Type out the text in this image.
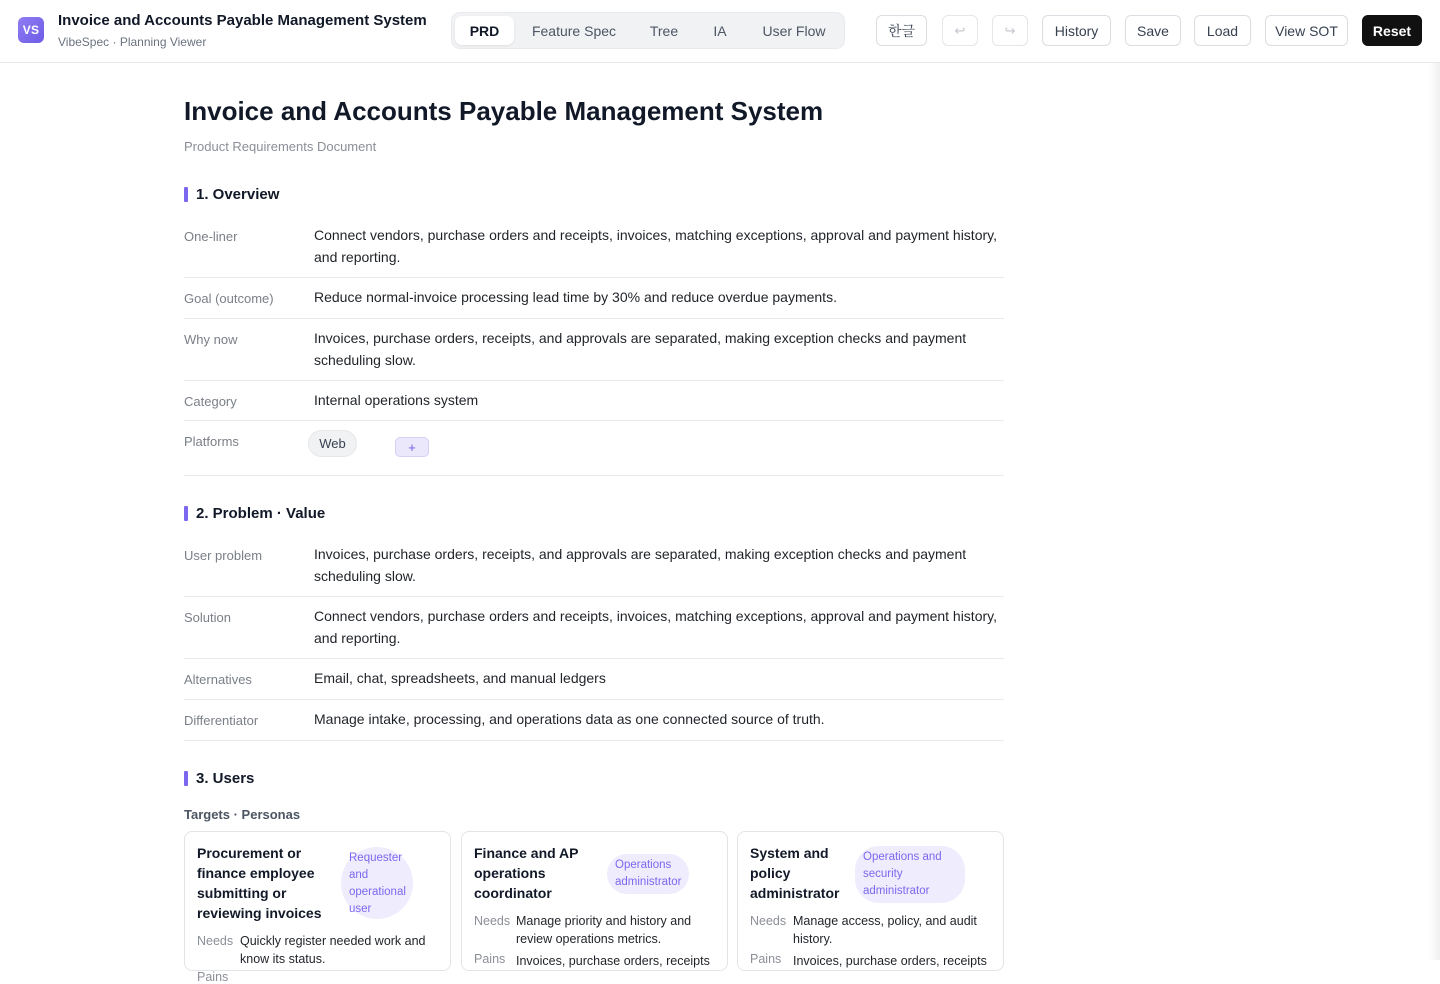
VS
Invoice and Accounts Payable Management System
VibeSpec · Planning Viewer
PRD	Feature Spec	Tree	IA	User Flow	한글	↩	↪	History	Save	Load	View SOT	Reset
Invoice and Accounts Payable Management System
Product Requirements Document
1. Overview
One-liner	Connect vendors, purchase orders and receipts, invoices, matching exceptions, approval and payment history, and reporting.
Goal (outcome)	Reduce normal-invoice processing lead time by 30% and reduce overdue payments.
Why now	Invoices, purchase orders, receipts, and approvals are separated, making exception checks and payment scheduling slow.
Category	Internal operations system
Platforms	Web	+
2. Problem · Value
User problem	Invoices, purchase orders, receipts, and approvals are separated, making exception checks and payment scheduling slow.
Solution	Connect vendors, purchase orders and receipts, invoices, matching exceptions, approval and payment history, and reporting.
Alternatives	Email, chat, spreadsheets, and manual ledgers
Differentiator	Manage intake, processing, and operations data as one connected source of truth.
3. Users
Targets · Personas
Procurement or finance employee submitting or reviewing invoices
Requester and operational user
Needs Quickly register needed work and know its status.
Pains
Finance and AP operations coordinator
Operations administrator
Needs Manage priority and history and review operations metrics.
Pains Invoices, purchase orders, receipts
System and policy administrator
Operations and security administrator
Needs Manage access, policy, and audit history.
Pains Invoices, purchase orders, receipts
